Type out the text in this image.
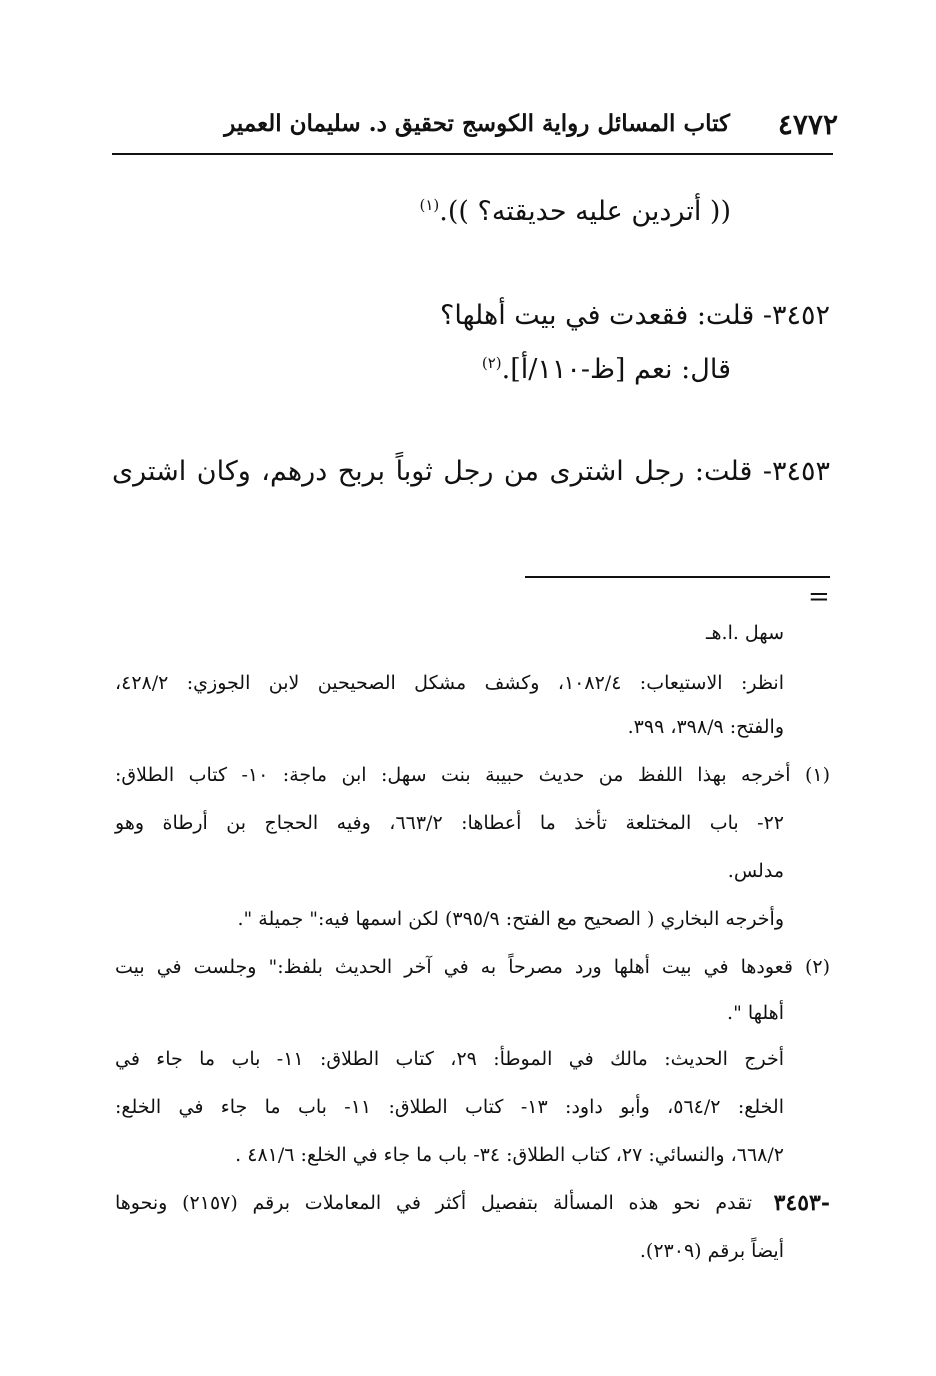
٤٧٧٢
كتاب المسائل رواية الكوسج تحقيق د. سليمان العمير
(( أتردين عليه حديقته؟ )).$^{(١)}$
٣٤٥٢- قلت: فقعدت في بيت أهلها؟
قال: نعم [ظ-١١٠/أ].$^{(٢)}$
٣٤٥٣- قلت: رجل اشترى من رجل ثوباً بربح درهم، وكان اشترى
=
سهل .ا.هـ
انظر: الاستيعاب: ١٠٨٢/٤، وكشف مشكل الصحيحين لابن الجوزي: ٤٢٨/٢،
والفتح: ٣٩٨/٩، ٣٩٩.
(١) أخرجه بهذا اللفظ من حديث حبيبة بنت سهل: ابن ماجة: ١٠- كتاب الطلاق:
٢٢- باب المختلعة تأخذ ما أعطاها: ٦٦٣/٢، وفيه الحجاج بن أرطاة وهو
مدلس.
وأخرجه البخاري ( الصحيح مع الفتح: ٣٩٥/٩) لكن اسمها فيه:" جميلة ".
(٢) قعودها في بيت أهلها ورد مصرحاً به في آخر الحديث بلفظ:" وجلست في بيت
أهلها ".
أخرج الحديث: مالك في الموطأ: ٢٩، كتاب الطلاق: ١١- باب ما جاء في
الخلع: ٥٦٤/٢، وأبو داود: ١٣- كتاب الطلاق: ١١- باب ما جاء في الخلع:
٦٦٨/٢، والنسائي: ٢٧، كتاب الطلاق: ٣٤- باب ما جاء في الخلع: ٤٨١/٦ .
٣٤٥٣-
تقدم نحو هذه المسألة بتفصيل أكثر في المعاملات برقم (٢١٥٧) ونحوها
أيضاً برقم (٢٣٠٩).
